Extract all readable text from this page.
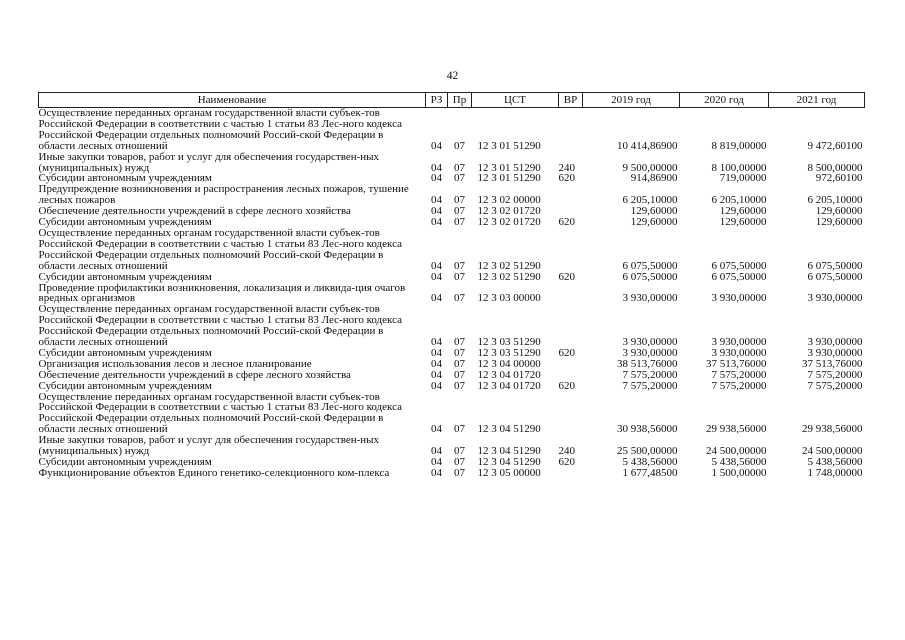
42
Наименование	РЗ	Пр	ЦСТ	ВР	2019 год	2020 год	2021 год
Осуществление переданных органам государственной власти субъек-тов Российской Федерации в соответствии с частью 1 статьи 83 Лес-ного кодекса Российской Федерации отдельных полномочий Россий-ской Федерации в области лесных отношений	04	07	12 3 01 51290		10 414,86900	8 819,00000	9 472,60100
Иные закупки товаров, работ и услуг для обеспечения государствен-ных (муниципальных) нужд	04	07	12 3 01 51290	240	9 500,00000	8 100,00000	8 500,00000
Субсидии автономным учреждениям	04	07	12 3 01 51290	620	914,86900	719,00000	972,60100
Предупреждение возникновения и распространения лесных пожаров, тушение лесных пожаров	04	07	12 3 02 00000		6 205,10000	6 205,10000	6 205,10000
Обеспечение деятельности учреждений в сфере лесного хозяйства	04	07	12 3 02 01720		129,60000	129,60000	129,60000
Субсидии автономным учреждениям	04	07	12 3 02 01720	620	129,60000	129,60000	129,60000
Осуществление переданных органам государственной власти субъек-тов Российской Федерации в соответствии с частью 1 статьи 83 Лес-ного кодекса Российской Федерации отдельных полномочий Россий-ской Федерации в области лесных отношений	04	07	12 3 02 51290		6 075,50000	6 075,50000	6 075,50000
Субсидии автономным учреждениям	04	07	12 3 02 51290	620	6 075,50000	6 075,50000	6 075,50000
Проведение профилактики возникновения, локализация и ликвида-ция очагов вредных организмов	04	07	12 3 03 00000		3 930,00000	3 930,00000	3 930,00000
Осуществление переданных органам государственной власти субъек-тов Российской Федерации в соответствии с частью 1 статьи 83 Лес-ного кодекса Российской Федерации отдельных полномочий Россий-ской Федерации в области лесных отношений	04	07	12 3 03 51290		3 930,00000	3 930,00000	3 930,00000
Субсидии автономным учреждениям	04	07	12 3 03 51290	620	3 930,00000	3 930,00000	3 930,00000
Организация использования лесов и лесное планирование	04	07	12 3 04 00000		38 513,76000	37 513,76000	37 513,76000
Обеспечение деятельности учреждений в сфере лесного хозяйства	04	07	12 3 04 01720		7 575,20000	7 575,20000	7 575,20000
Субсидии автономным учреждениям	04	07	12 3 04 01720	620	7 575,20000	7 575,20000	7 575,20000
Осуществление переданных органам государственной власти субъек-тов Российской Федерации в соответствии с частью 1 статьи 83 Лес-ного кодекса Российской Федерации отдельных полномочий Россий-ской Федерации в области лесных отношений	04	07	12 3 04 51290		30 938,56000	29 938,56000	29 938,56000
Иные закупки товаров, работ и услуг для обеспечения государствен-ных (муниципальных) нужд	04	07	12 3 04 51290	240	25 500,00000	24 500,00000	24 500,00000
Субсидии автономным учреждениям	04	07	12 3 04 51290	620	5 438,56000	5 438,56000	5 438,56000
Функционирование объектов Единого генетико-селекционного ком-плекса	04	07	12 3 05 00000		1 677,48500	1 500,00000	1 748,00000
